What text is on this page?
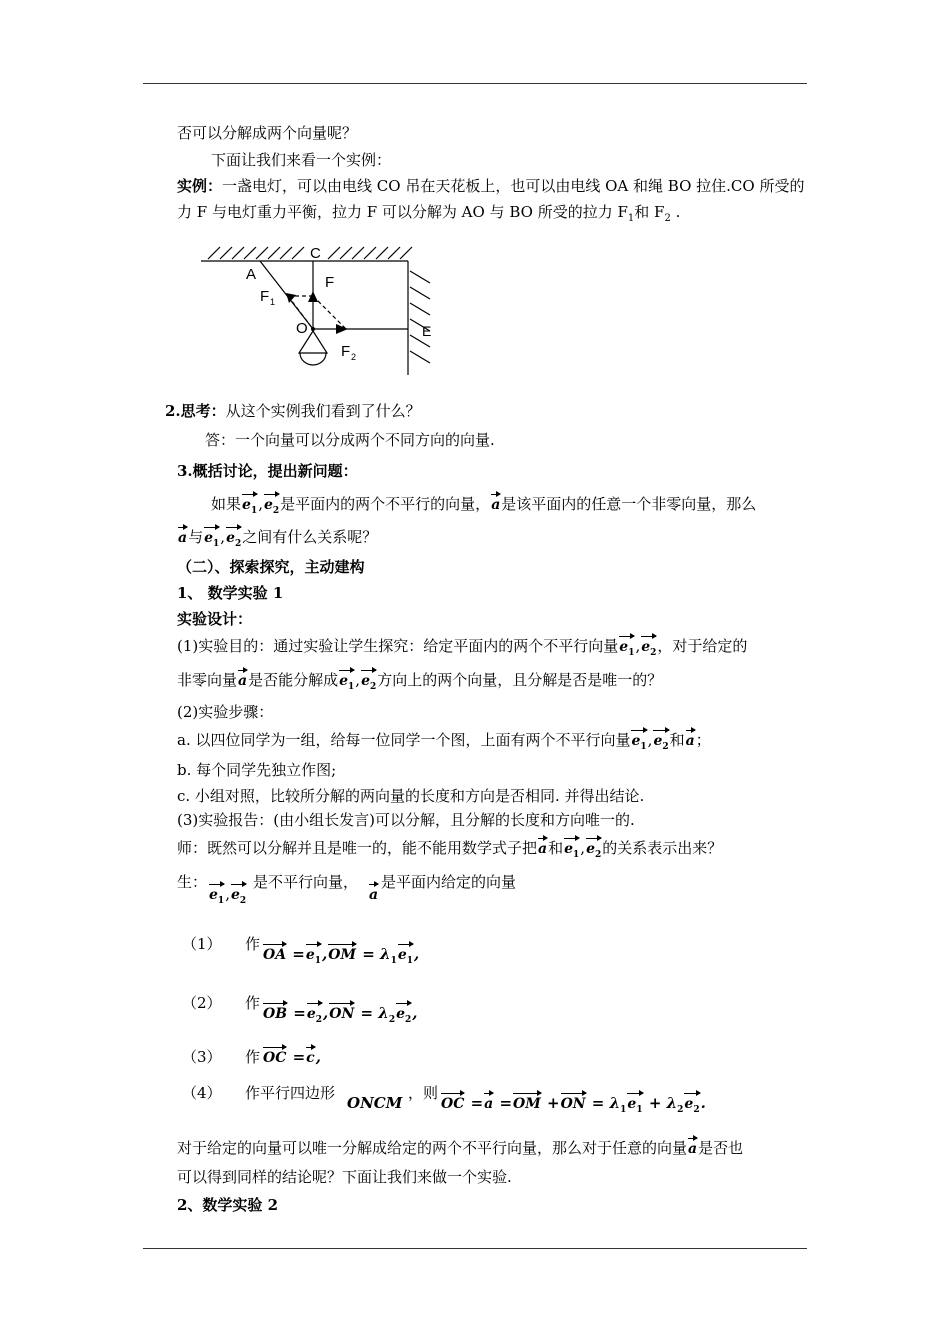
否可以分解成两个向量呢？
下面让我们来看一个实例：
实例：一盏电灯，可以由电线 CO 吊在天花板上，也可以由电线 OA 和绳 BO 拉住.CO 所受的
力 F 与电灯重力平衡，拉力 F 可以分解为 AO 与 BO 所受的拉力 $F_1$和 $F_2$ .
A
C
F
F 1
O
F 2
E
2.思考：从这个实例我们看到了什么？
答：一个向量可以分成两个不同方向的向量.
3.概括讨论，提出新问题：
如果$e_1,e_2$是平面内的两个不平行的向量，a是该平面内的任意一个非零向量，那么
a与$e_1,e_2$之间有什么关系呢？
（二）、探索探究，主动建构
1、 数学实验 1
实验设计：
(1)实验目的：通过实验让学生探究：给定平面内的两个不平行向量$e_1,e_2$，对于给定的
非零向量a是否能分解成$e_1,e_2$方向上的两个向量，且分解是否是唯一的？
(2)实验步骤：
a. 以四位同学为一组，给每一位同学一个图，上面有两个不平行向量$e_1,e_2$和a；
b. 每个同学先独立作图;
c. 小组对照，比较所分解的两向量的长度和方向是否相同. 并得出结论.
(3)实验报告：(由小组长发言)可以分解，且分解的长度和方向唯一的.
师：既然可以分解并且是唯一的，能不能用数学式子把a和$e_1,e_2$的关系表示出来？
生：
$e_1,e_2$
是不平行向量，
a
是平面内给定的向量
（1） 作
OA $=e_1,OM = \lambda_1e_1$,
（2） 作
OB $=e_2,ON = \lambda_2e_2$,
（3） 作 OC =c,
（4） 作平行四边形
ONCM
，则
OC $=a =OM +ON = \lambda_1e_1 + \lambda_2e_2$.
对于给定的向量可以唯一分解成给定的两个不平行向量，那么对于任意的向量a是否也
可以得到同样的结论呢？下面让我们来做一个实验.
2、数学实验 2
